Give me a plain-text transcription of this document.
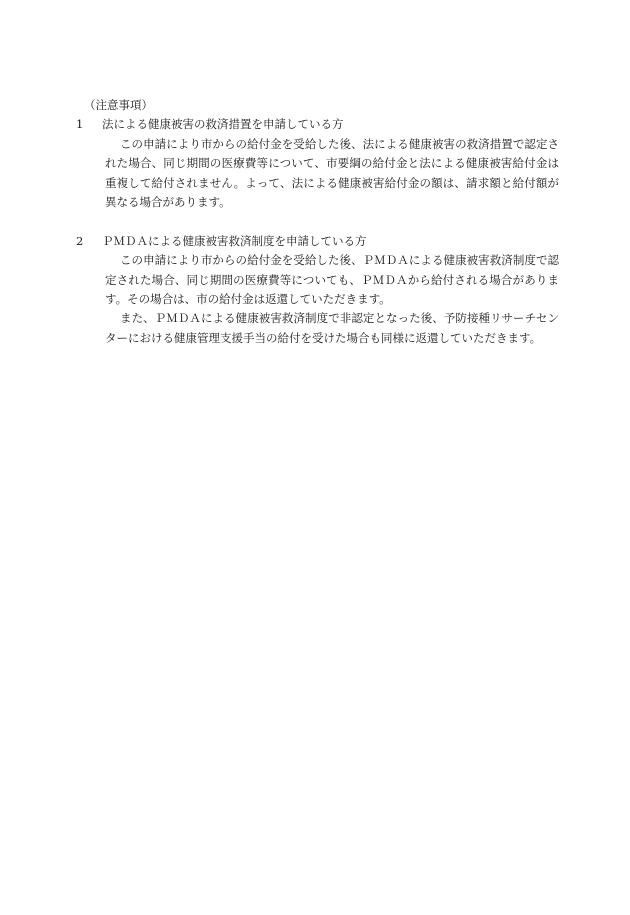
（注意事項）
1	法による健康被害の救済措置を申請している方

この申請により市からの給付金を受給した後、法による健康被害の救済措置で認定された場合、同じ期間の医療費等について、市要綱の給付金と法による健康被害給付金は重複して給付されません。よって、法による健康被害給付金の額は、請求額と給付額が異なる場合があります。

2	ＰＭＤＡによる健康被害救済制度を申請している方

この申請により市からの給付金を受給した後、ＰＭＤＡによる健康被害救済制度で認定された場合、同じ期間の医療費等についても、ＰＭＤＡから給付される場合があります。その場合は、市の給付金は返還していただきます。

また、ＰＭＤＡによる健康被害救済制度で非認定となった後、予防接種リサーチセンターにおける健康管理支援手当の給付を受けた場合も同様に返還していただきます。
